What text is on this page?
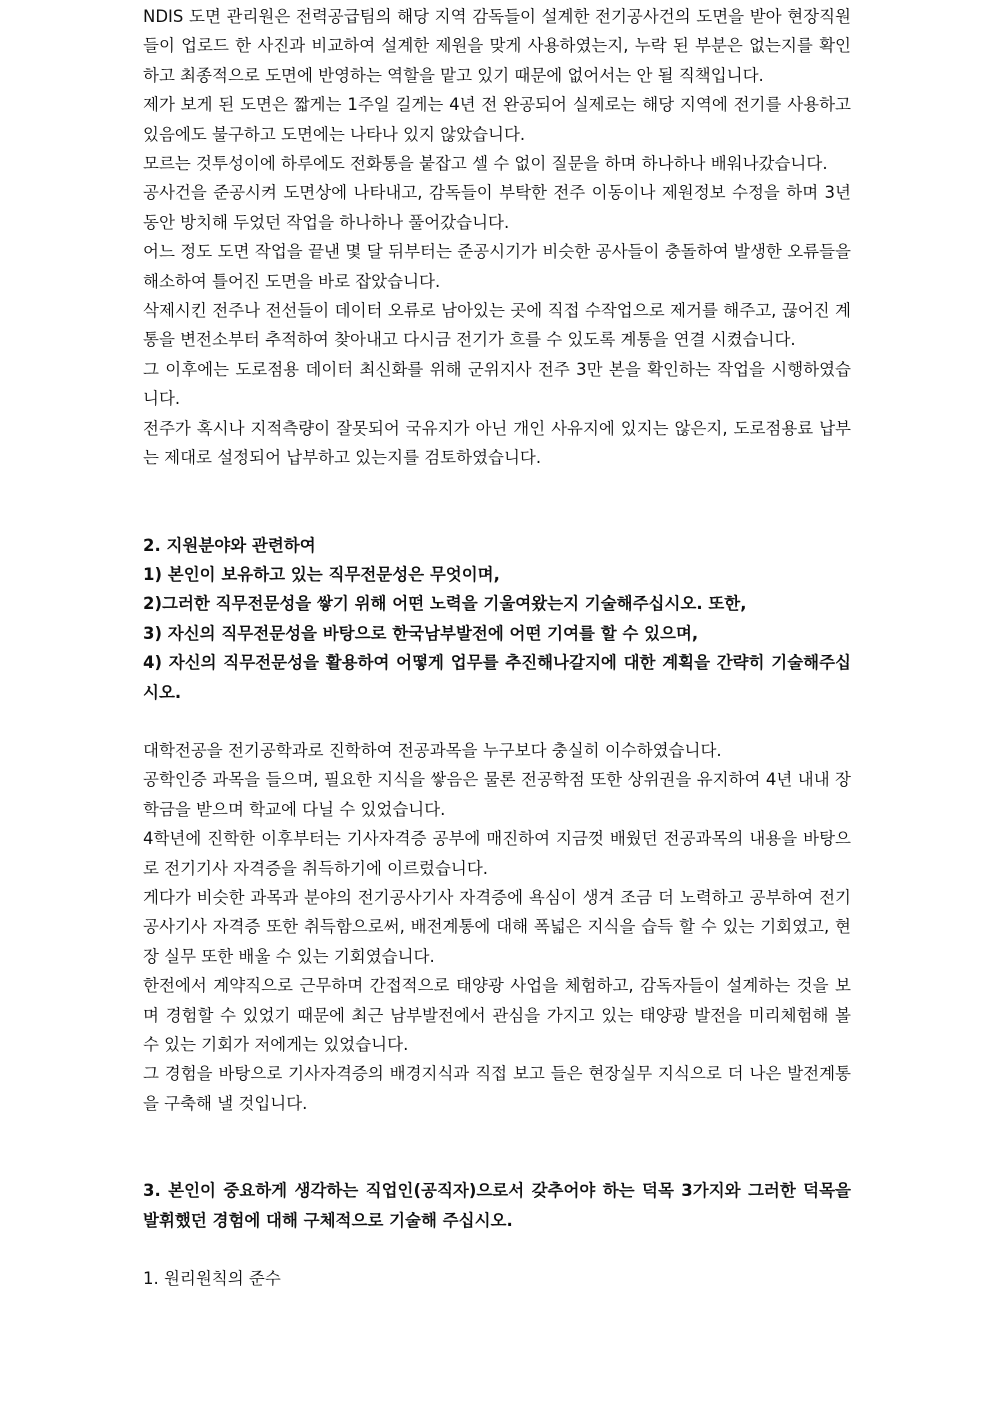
NDIS 도면 관리원은 전력공급팀의 해당 지역 감독들이 설계한 전기공사건의 도면을 받아 현장직원들이 업로드 한 사진과 비교하여 설계한 제원을 맞게 사용하였는지, 누락 된 부분은 없는지를 확인하고 최종적으로 도면에 반영하는 역할을 맡고 있기 때문에 없어서는 안 될 직책입니다.

제가 보게 된 도면은 짧게는 1주일 길게는 4년 전 완공되어 실제로는 해당 지역에 전기를 사용하고 있음에도 불구하고 도면에는 나타나 있지 않았습니다.

모르는 것투성이에 하루에도 전화통을 붙잡고 셀 수 없이 질문을 하며 하나하나 배워나갔습니다.

공사건을 준공시켜 도면상에 나타내고, 감독들이 부탁한 전주 이동이나 제원정보 수정을 하며 3년 동안 방치해 두었던 작업을 하나하나 풀어갔습니다.

어느 정도 도면 작업을 끝낸 몇 달 뒤부터는 준공시기가 비슷한 공사들이 충돌하여 발생한 오류들을 해소하여 틀어진 도면을 바로 잡았습니다.

삭제시킨 전주나 전선들이 데이터 오류로 남아있는 곳에 직접 수작업으로 제거를 해주고, 끊어진 계통을 변전소부터 추적하여 찾아내고 다시금 전기가 흐를 수 있도록 계통을 연결 시켰습니다.

그 이후에는 도로점용 데이터 최신화를 위해 군위지사 전주 3만 본을 확인하는 작업을 시행하였습니다.

전주가 혹시나 지적측량이 잘못되어 국유지가 아닌 개인 사유지에 있지는 않은지, 도로점용료 납부는 제대로 설정되어 납부하고 있는지를 검토하였습니다.

2. 지원분야와 관련하여

1) 본인이 보유하고 있는 직무전문성은 무엇이며,

2)그러한 직무전문성을 쌓기 위해 어떤 노력을 기울여왔는지 기술해주십시오. 또한,

3) 자신의 직무전문성을 바탕으로 한국남부발전에 어떤 기여를 할 수 있으며,

4) 자신의 직무전문성을 활용하여 어떻게 업무를 추진해나갈지에 대한 계획을 간략히 기술해주십시오.

대학전공을 전기공학과로 진학하여 전공과목을 누구보다 충실히 이수하였습니다.

공학인증 과목을 들으며, 필요한 지식을 쌓음은 물론 전공학점 또한 상위권을 유지하여 4년 내내 장학금을 받으며 학교에 다닐 수 있었습니다.

4학년에 진학한 이후부터는 기사자격증 공부에 매진하여 지금껏 배웠던 전공과목의 내용을 바탕으로 전기기사 자격증을 취득하기에 이르렀습니다.

게다가 비슷한 과목과 분야의 전기공사기사 자격증에 욕심이 생겨 조금 더 노력하고 공부하여 전기공사기사 자격증 또한 취득함으로써, 배전계통에 대해 폭넓은 지식을 습득 할 수 있는 기회였고, 현장 실무 또한 배울 수 있는 기회였습니다.

한전에서 계약직으로 근무하며 간접적으로 태양광 사업을 체험하고, 감독자들이 설계하는 것을 보며 경험할 수 있었기 때문에 최근 남부발전에서 관심을 가지고 있는 태양광 발전을 미리체험해 볼 수 있는 기회가 저에게는 있었습니다.

그 경험을 바탕으로 기사자격증의 배경지식과 직접 보고 들은 현장실무 지식으로 더 나은 발전계통을 구축해 낼 것입니다.

3. 본인이 중요하게 생각하는 직업인(공직자)으로서 갖추어야 하는 덕목 3가지와 그러한 덕목을 발휘했던 경험에 대해 구체적으로 기술해 주십시오.

1. 원리원칙의 준수
